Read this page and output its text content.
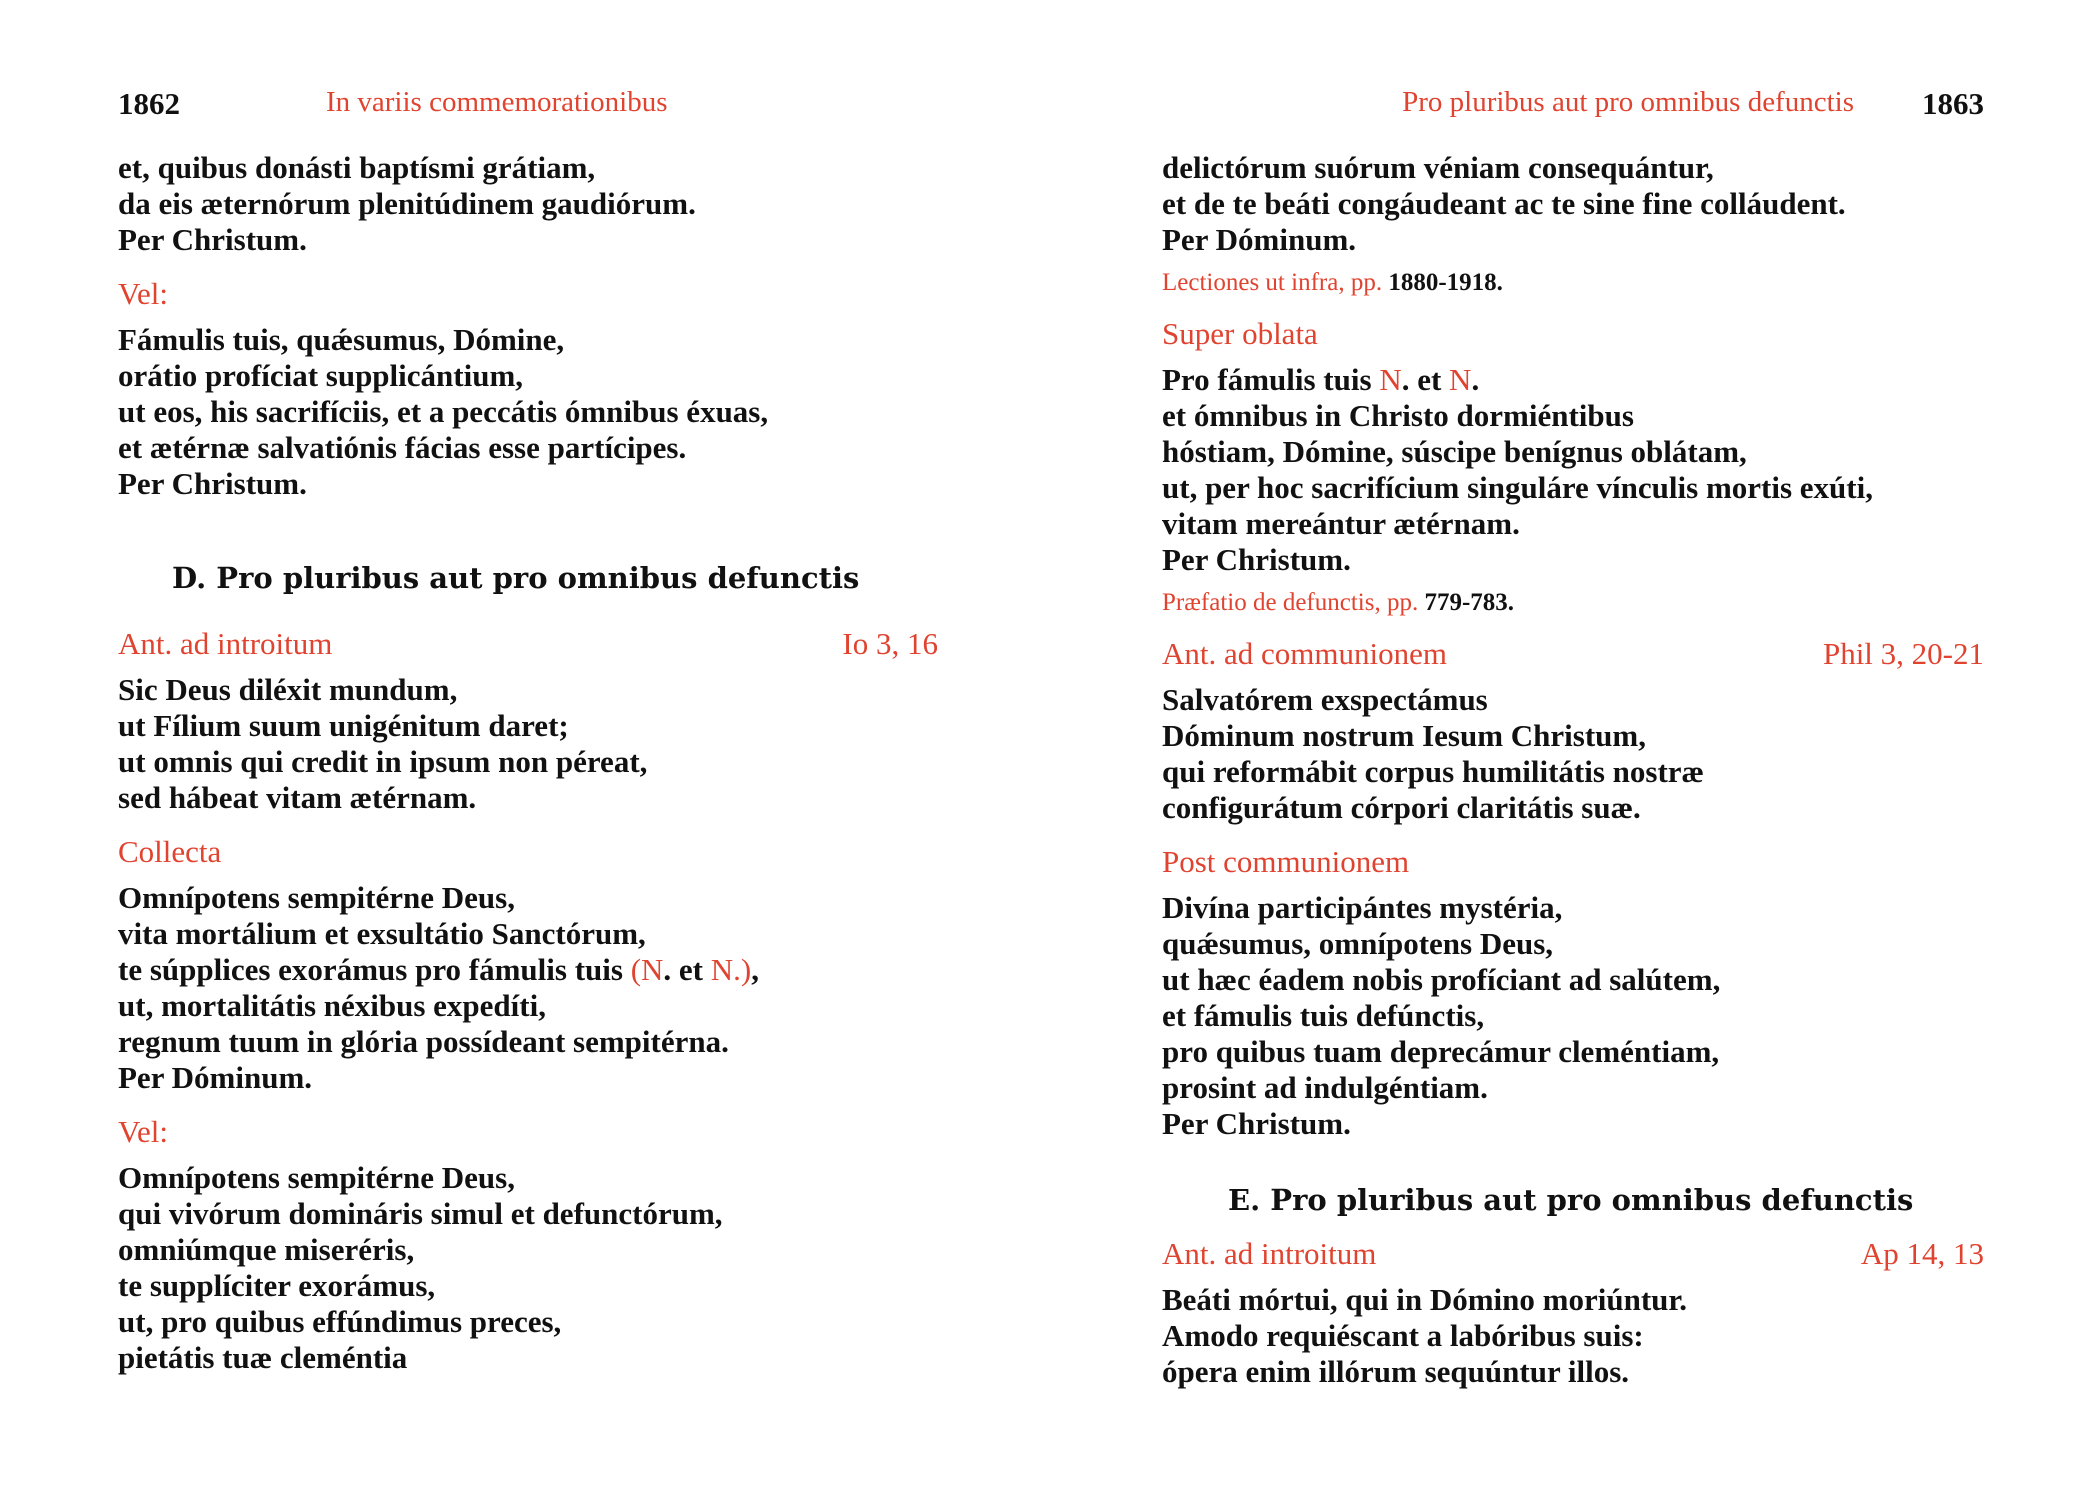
1862	In variis commemorationibus
et, quibus donásti baptísmi grátiam,
da eis æternórum plenitúdinem gaudiórum.
Per Christum.
Vel:
Fámulis tuis, quǽsumus, Dómine,
orátio profíciat supplicántium,
ut eos, his sacrifíciis, et a peccátis ómnibus éxuas,
et ætérnæ salvatiónis fácias esse partícipes.
Per Christum.
D. Pro pluribus aut pro omnibus defunctis
Ant. ad introitum	Io 3, 16
Sic Deus diléxit mundum,
ut Fílium suum unigénitum daret;
ut omnis qui credit in ipsum non péreat,
sed hábeat vitam ætérnam.
Collecta
Omnípotens sempitérne Deus,
vita mortálium et exsultátio Sanctórum,
te súpplices exorámus pro fámulis tuis (N. et N.),
ut, mortalitátis néxibus expedíti,
regnum tuum in glória possídeant sempitérna.
Per Dóminum.
Vel:
Omnípotens sempitérne Deus,
qui vivórum domináris simul et defunctórum,
omniúmque miseréris,
te supplíciter exorámus,
ut, pro quibus effúndimus preces,
pietátis tuæ cleméntia
Pro pluribus aut pro omnibus defunctis 1863
delictórum suórum véniam consequántur,
et de te beáti congáudeant ac te sine fine colláudent.
Per Dóminum.
Lectiones ut infra, pp. 1880-1918.
Super oblata
Pro fámulis tuis N. et N.
et ómnibus in Christo dormiéntibus
hóstiam, Dómine, súscipe benígnus oblátam,
ut, per hoc sacrifícium singuláre vínculis mortis exúti,
vitam mereántur ætérnam.
Per Christum.
Præfatio de defunctis, pp. 779-783.
Ant. ad communionem	Phil 3, 20-21
Salvatórem exspectámus
Dóminum nostrum Iesum Christum,
qui reformábit corpus humilitátis nostræ
configurátum córpori claritátis suæ.
Post communionem
Divína participántes mystéria,
quǽsumus, omnípotens Deus,
ut hæc éadem nobis profíciant ad salútem,
et fámulis tuis defúnctis,
pro quibus tuam deprecámur cleméntiam,
prosint ad indulgéntiam.
Per Christum.
E. Pro pluribus aut pro omnibus defunctis
Ant. ad introitum	Ap 14, 13
Beáti mórtui, qui in Dómino moriúntur.
Amodo requiéscant a labóribus suis:
ópera enim illórum sequúntur illos.
